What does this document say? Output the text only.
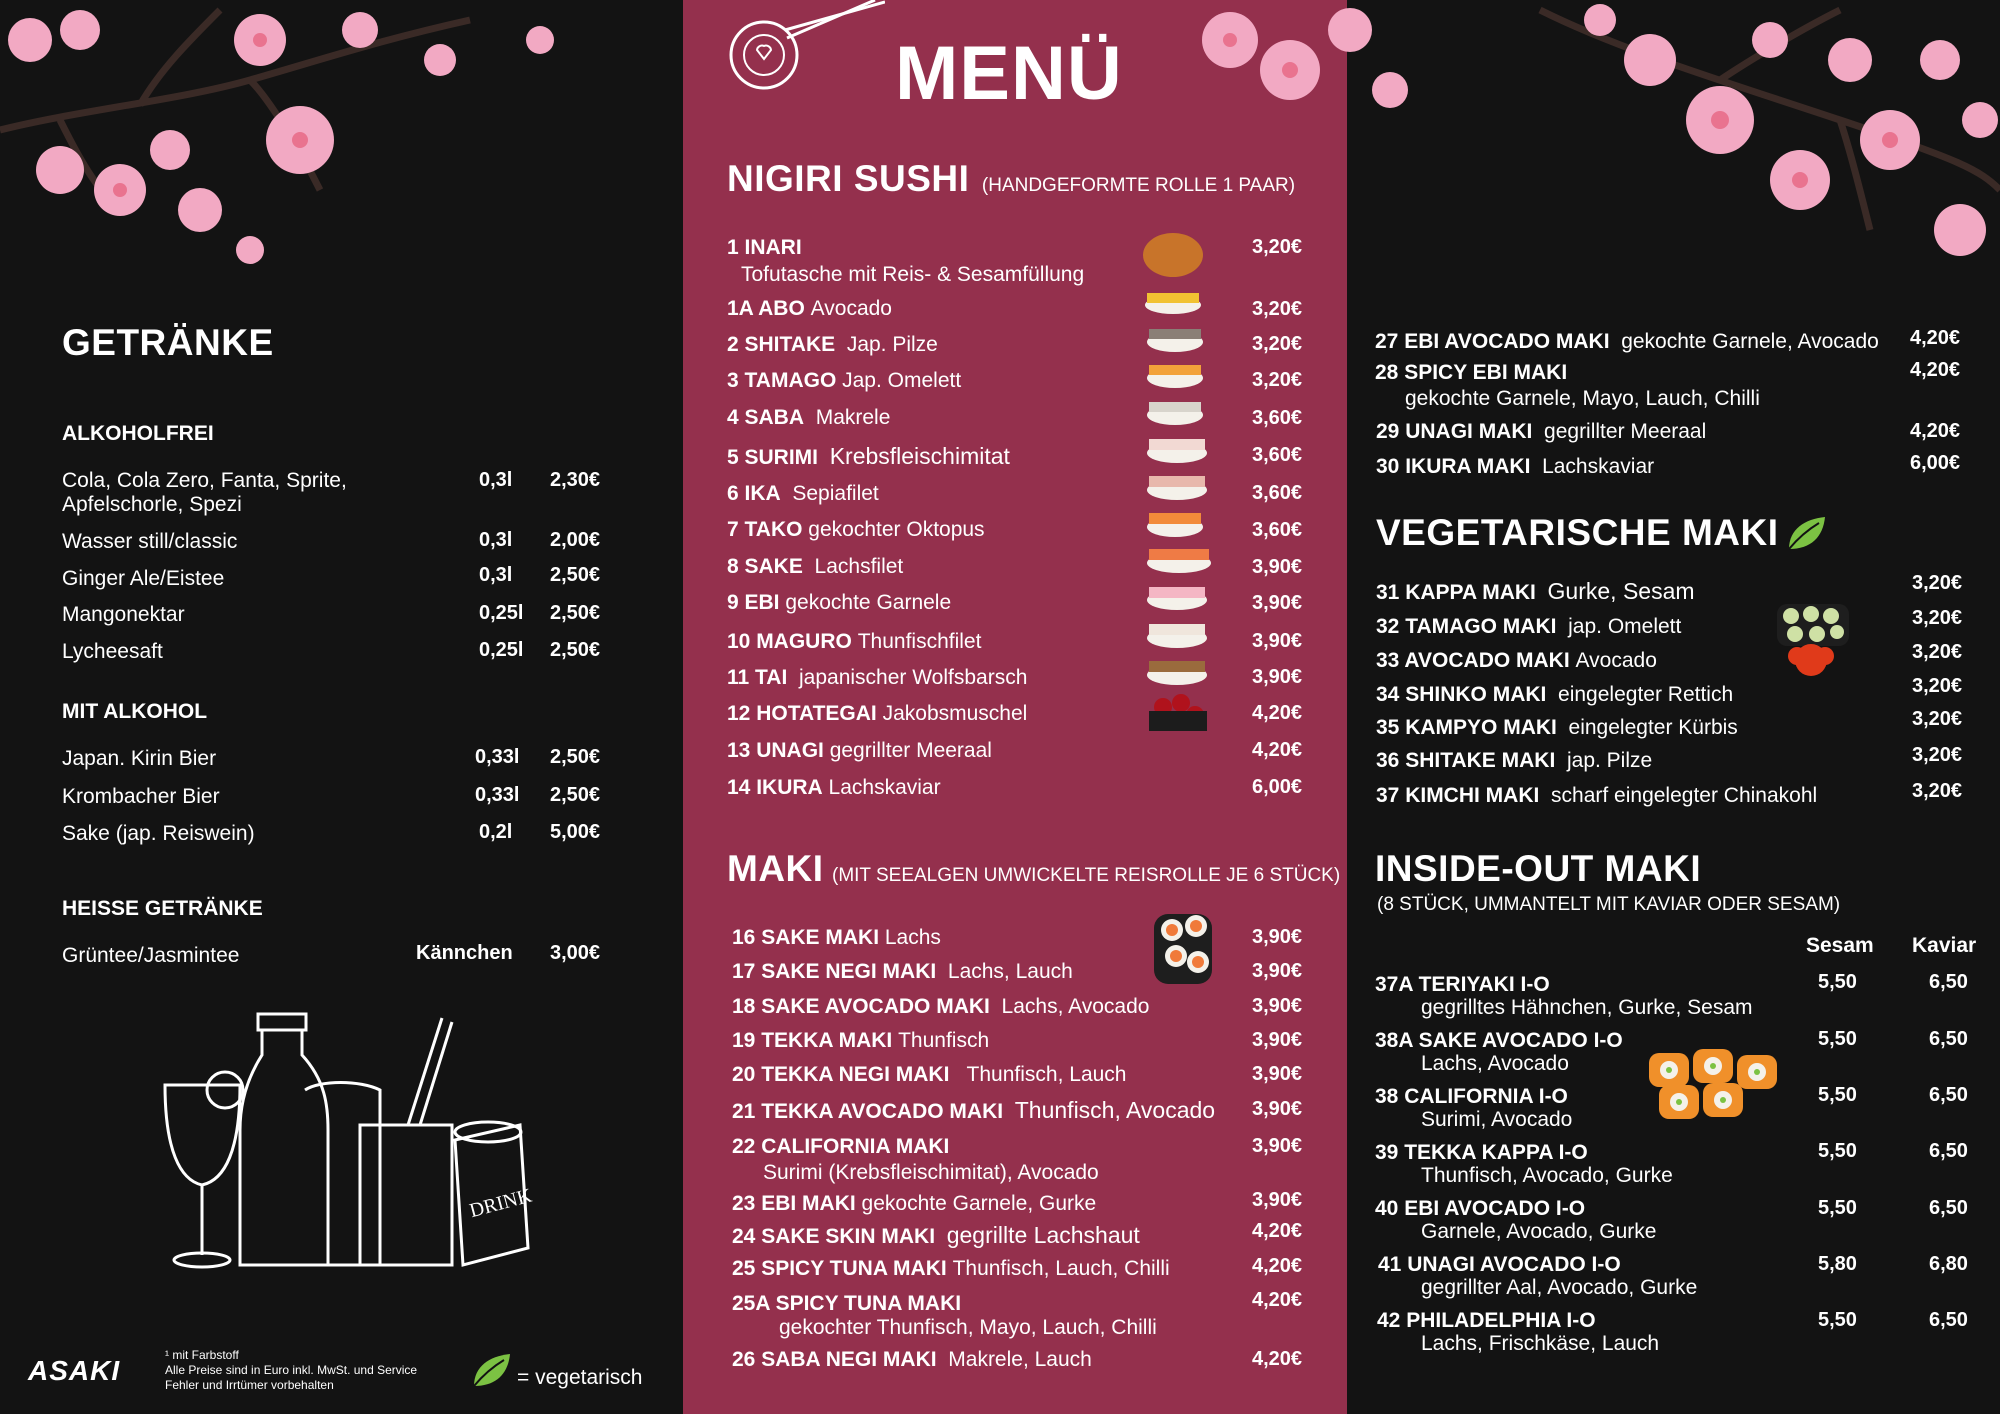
MENÜ
GETRÄNKE
ALKOHOLFREI
Cola, Cola Zero, Fanta, Sprite,
Apfelschorle, Spezi
0,3l 2,30€
Wasser still/classic	0,3l 2,00€
Ginger Ale/Eistee	0,3l 2,50€
Mangonektar	0,25l 2,50€
Lycheesaft	0,25l 2,50€
MIT ALKOHOL
Japan. Kirin Bier	0,33l 2,50€
Krombacher Bier	0,33l 2,50€
Sake (jap. Reiswein)	0,2l 5,00€
HEISSE GETRÄNKE
Grüntee/Jasmintee	Kännchen 3,00€
DRINK
ASAKI	¹ mit Farbstoff
Alle Preise sind in Euro inkl. MwSt. und Service
Fehler und Irrtümer vorbehalten	= vegetarisch
NIGIRI SUSHI (HANDGEFORMTE ROLLE 1 PAAR)
1 INARI
Tofutasche mit Reis- & Sesamfüllung
3,20€
1A ABO Avocado	3,20€
2 SHITAKE Jap. Pilze	3,20€
3 TAMAGO Jap. Omelett	3,20€
4 SABA Makrele	3,60€
5 SURIMI Krebsfleischimitat	3,60€
6 IKA Sepiafilet	3,60€
7 TAKO gekochter Oktopus	3,60€
8 SAKE Lachsfilet	3,90€
9 EBI gekochte Garnele	3,90€
10 MAGURO Thunfischfilet	3,90€
11 TAI japanischer Wolfsbarsch	3,90€
12 HOTATEGAI Jakobsmuschel	4,20€
13 UNAGI gegrillter Meeraal	4,20€
14 IKURA Lachskaviar	6,00€
MAKI (MIT SEEALGEN UMWICKELTE REISROLLE JE 6 STÜCK)
16 SAKE MAKI Lachs	3,90€
17 SAKE NEGI MAKI Lachs, Lauch	3,90€
18 SAKE AVOCADO MAKI Lachs, Avocado	3,90€
19 TEKKA MAKI Thunfisch	3,90€
20 TEKKA NEGI MAKI Thunfisch, Lauch	3,90€
21 TEKKA AVOCADO MAKI Thunfisch, Avocado 3,90€
22 CALIFORNIA MAKI
Surimi (Krebsfleischimitat), Avocado
3,90€
23 EBI MAKI gekochte Garnele, Gurke	3,90€
24 SAKE SKIN MAKI gegrillte Lachshaut	4,20€
25 SPICY TUNA MAKI Thunfisch, Lauch, Chilli	4,20€
25A SPICY TUNA MAKI
gekochter Thunfisch, Mayo, Lauch, Chilli
4,20€
26 SABA NEGI MAKI Makrele, Lauch	4,20€
27 EBI AVOCADO MAKI gekochte Garnele, Avocado 4,20€
28 SPICY EBI MAKI
gekochte Garnele, Mayo, Lauch, Chilli
4,20€
29 UNAGI MAKI gegrillter Meeraal	4,20€
30 IKURA MAKI Lachskaviar	6,00€
VEGETARISCHE MAKI
31 KAPPA MAKI Gurke, Sesam	3,20€
32 TAMAGO MAKI jap. Omelett	3,20€
33 AVOCADO MAKI Avocado	3,20€
34 SHINKO MAKI eingelegter Rettich	3,20€
35 KAMPYO MAKI eingelegter Kürbis	3,20€
36 SHITAKE MAKI jap. Pilze	3,20€
37 KIMCHI MAKI scharf eingelegter Chinakohl	3,20€
INSIDE-OUT MAKI
(8 STÜCK, UMMANTELT MIT KAVIAR ODER SESAM)
Sesam Kaviar
37A TERIYAKI I-O
gegrilltes Hähnchen, Gurke, Sesam
5,50	6,50
38A SAKE AVOCADO I-O
Lachs, Avocado
5,50	6,50
38 CALIFORNIA I-O
Surimi, Avocado
5,50	6,50
39 TEKKA KAPPA I-O
Thunfisch, Avocado, Gurke
5,50	6,50
40 EBI AVOCADO I-O
Garnele, Avocado, Gurke
5,50	6,50
41 UNAGI AVOCADO I-O
gegrillter Aal, Avocado, Gurke
5,80	6,80
42 PHILADELPHIA I-O
Lachs, Frischkäse, Lauch
5,50	6,50
